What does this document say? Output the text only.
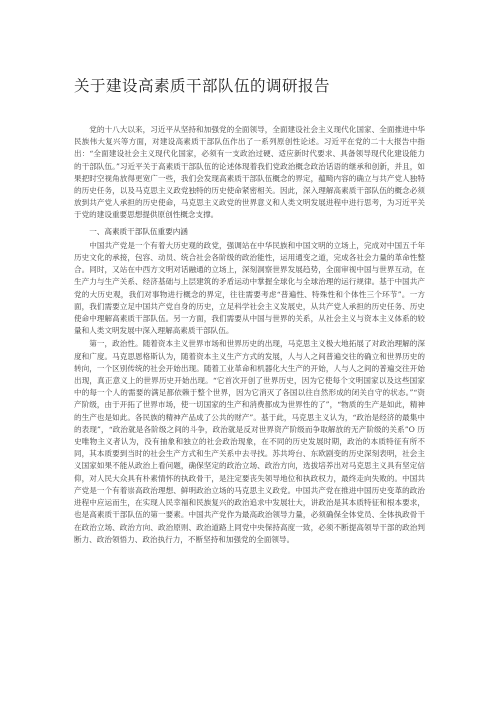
关于建设高素质干部队伍的调研报告

党的十八大以来，习近平从坚持和加强党的全面领导，全面建设社会主义现代化国家、全面推进中华民族伟大复兴等方面，对建设高素质干部队伍作出了一系列原创性论述。习近平在党的二十大报告中指出：“全面建设社会主义现代化国家，必须有一支政治过硬、适应新时代要求、具备领导现代化建设能力的干部队伍。”习近平关于高素质干部队伍的论述体现着我们党政治概念政治话语的继承和创新，并且，如果把时空视角放得更宽广一些，我们会发现高素质干部队伍概念的界定，蕴畸内容的确立与共产党人独特的历史任务，以及马克思主义政党独特的历史使命紧密相关。因此，深入理解高素质干部队伍的概念必须放到共产党人承担的历史使命，马克思主义政党的世界意义和人类文明发展进程中进行思考，为习近平关于党的建设重要思想提供原创性概念支撑。

一、高素质干部队伍重要内涵

中国共产党是一个有着大历史观的政党，强调站在中华民族和中国文明的立场上，完成对中国五千年历史文化的承接，包容、动员、统合社会各阶级的政治能性，运用通变之道，完成各社会力量的革命性整合。同时，又站在中西方文明对话融通的立场上，深刻洞察世界发展趋势，全面审视中国与世界互动，在生产力与生产关系、经济基础与上层建筑的矛盾运动中掌握全球化与全球治理的运行规律。基于中国共产党的大历史观，我们对事物进行概念的界定，往往需要考虑“普遍性、特殊性和个体性三个环节”。一方面，我们需要立足中国共产党自身的历史，立足科学社会主义发展史，从共产党人承担的历史任务、历史使命中理解高素质干部队伍。另一方面，我们需要从中国与世界的关系，从社会主义与资本主义体系的较量和人类文明发展中深入理解高素质干部队伍。

第一，政治性。随着资本主义世界市场和世界历史的出现，马克思主义极大地拓展了对政治理解的深度和广度。马克思恩格斯认为，随着资本主义生产方式的发展，人与人之间普遍交往的确立和世界历史的转向，一个区别传统的社会开始出现。随着工业革命和机器化大生产的开始，人与人之间的普遍交往开始出现，真正意义上的世界历史开始出现。“它首次开创了世界历史，因为它使每个文明国家以及这些国家中的每一个人的需要的满足都依赖于整个世界，因为它消灭了各国以往自然形成的闭关自守的状态。”“资产阶级，由于开拓了世界市场，使一切国家的生产和消费都成为世界性的了”，“物质的生产是如此，精神的生产也是如此。各民族的精神产品成了公共的财产”。基于此，马克思主义认为，“政治是经济的最集中的表现”，“政治就是各阶级之间的斗争，政治就是反对世界资产阶级而争取解放的无产阶级的关系”O 历史唯物主义者认为，没有抽象和独立的社会政治现象，在不同的历史发展时期，政治的本质特征有所不同，其本质要到当时的社会生产方式和生产关系中去寻找。苏共垮台、东欧剧变的历史深刻表明，社会主义国家如果不能从政治上看问题，确保坚定的政治立场、政治方向，选拔培养出对马克思主义具有坚定信仰，对人民大众具有朴素情怀的执政骨干，是注定要丧失领导地位和执政权力，最终走向失败的。中国共产党是一个有着崇高政治理想、鲜明政治立场的马克思主义政党。中国共产党在推进中国历史变革的政治进程中应运而生，在实现人民幸福和民族复兴的政治追求中发展壮大，讲政治是其本质特征和根本要求，也是高素质干部队伍的第一要素。中国共产党作为最高政治领导力量，必须确保全体党员、全体执政骨干在政治立场、政治方向、政治原则、政治道路上同党中央保持高度一致，必须不断提高领导干部的政治判断力、政治领悟力、政治执行力，不断坚持和加强党的全面领导。
